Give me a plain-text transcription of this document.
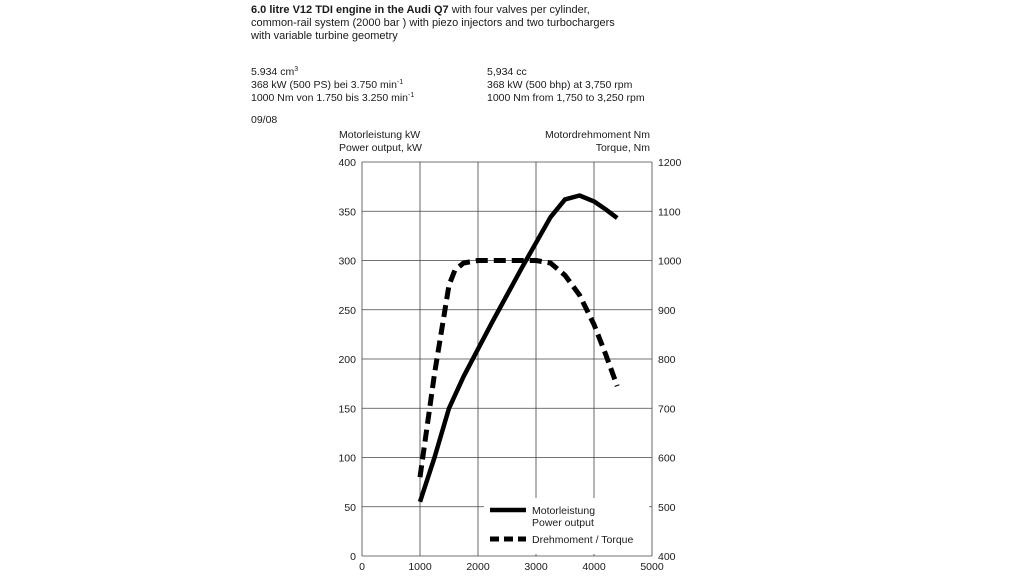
6.0 litre V12 TDI engine in the Audi Q7 with four valves per cylinder,
common-rail system (2000 bar ) with piezo injectors and two turbochargers
with variable turbine geometry
5.934 $cm^3$
368 kW (500 PS) bei 3.750 $\min^{-1}$
1000 Nm von 1.750 bis 3.250 $\min^{-1}$
5,934 cc
368 kW (500 bhp) at 3,750 rpm
1000 Nm from 1,750 to 3,250 rpm
09/08
Motorleistung kW
Power output, kW
Motordrehmoment Nm
Torque, Nm
0
50
100
150
200
250
300
350
400
400
500
600
700
800
900
1000
1100
1200
0	1000	2000	3000	4000	5000
Motorleistung
Power output
Drehmoment / Torque
